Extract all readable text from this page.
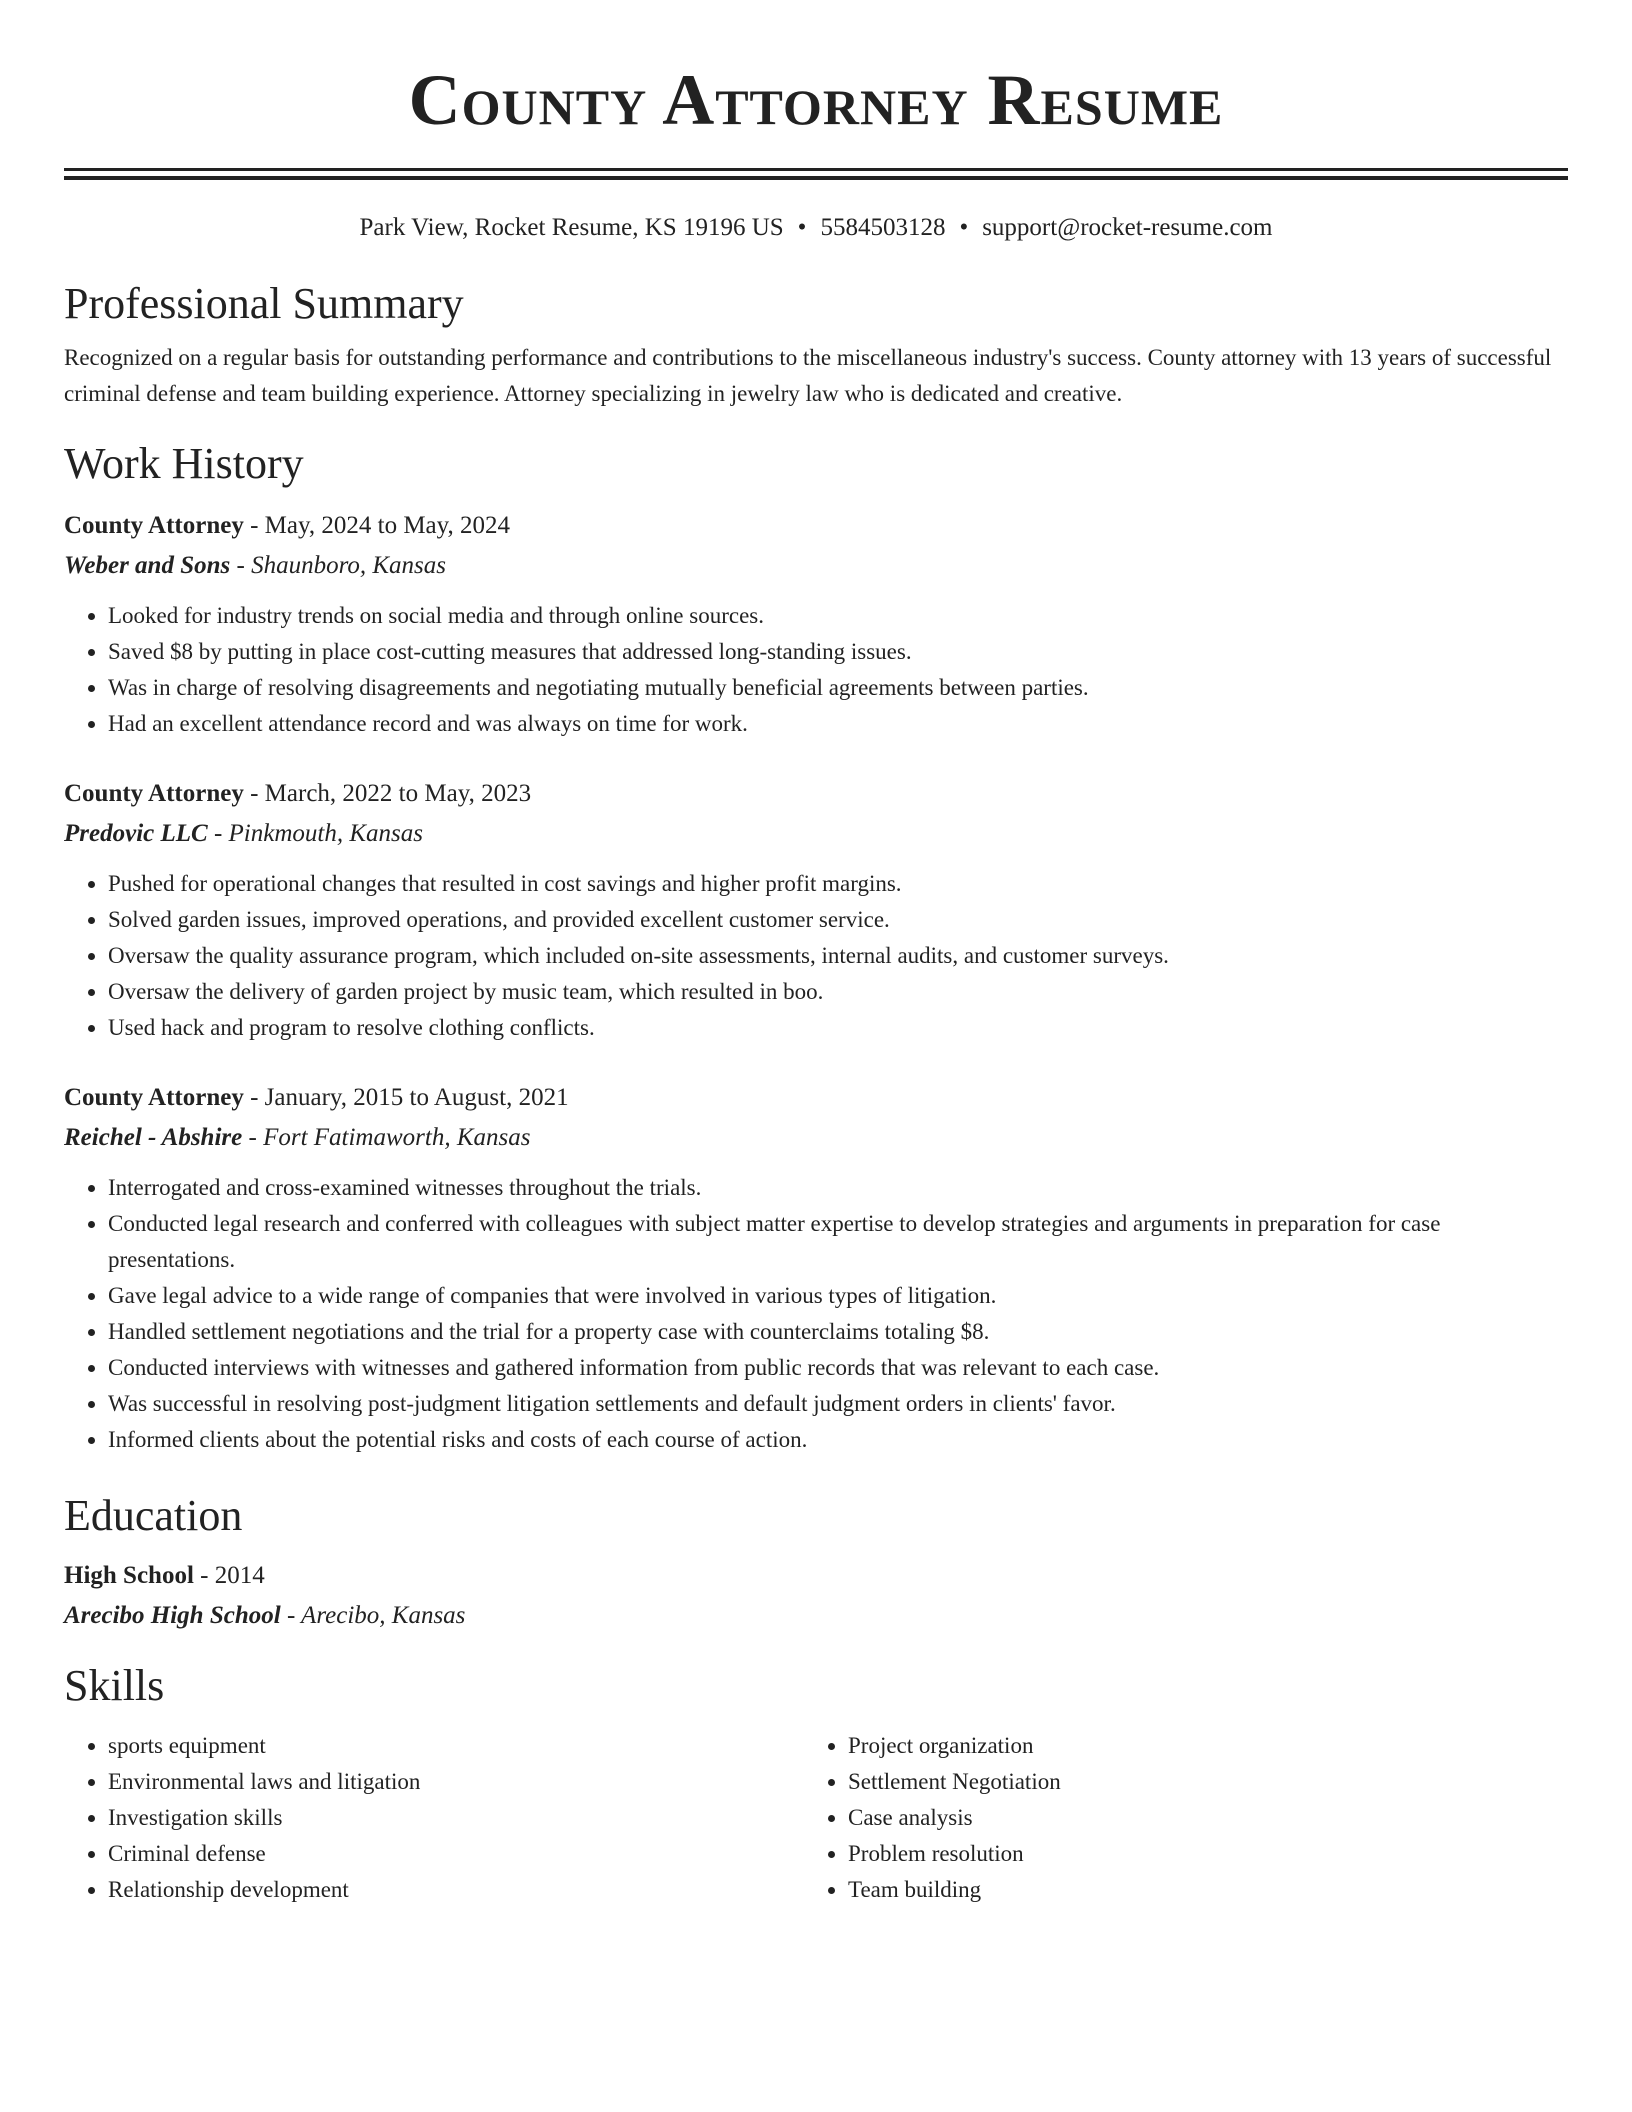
County Attorney Resume
Park View, Rocket Resume, KS 19196 US • 5584503128 • support@rocket-resume.com
Professional Summary
Recognized on a regular basis for outstanding performance and contributions to the miscellaneous industry's success. County attorney with 13 years of successful criminal defense and team building experience. Attorney specializing in jewelry law who is dedicated and creative.
Work History
County Attorney - May, 2024 to May, 2024
Weber and Sons - Shaunboro, Kansas
• Looked for industry trends on social media and through online sources.
• Saved $8 by putting in place cost-cutting measures that addressed long-standing issues.
• Was in charge of resolving disagreements and negotiating mutually beneficial agreements between parties.
• Had an excellent attendance record and was always on time for work.
County Attorney - March, 2022 to May, 2023
Predovic LLC - Pinkmouth, Kansas
• Pushed for operational changes that resulted in cost savings and higher profit margins.
• Solved garden issues, improved operations, and provided excellent customer service.
• Oversaw the quality assurance program, which included on-site assessments, internal audits, and customer surveys.
• Oversaw the delivery of garden project by music team, which resulted in boo.
• Used hack and program to resolve clothing conflicts.
County Attorney - January, 2015 to August, 2021
Reichel - Abshire - Fort Fatimaworth, Kansas
• Interrogated and cross-examined witnesses throughout the trials.
• Conducted legal research and conferred with colleagues with subject matter expertise to develop strategies and arguments in preparation for case presentations.
• Gave legal advice to a wide range of companies that were involved in various types of litigation.
• Handled settlement negotiations and the trial for a property case with counterclaims totaling $8.
• Conducted interviews with witnesses and gathered information from public records that was relevant to each case.
• Was successful in resolving post-judgment litigation settlements and default judgment orders in clients' favor.
• Informed clients about the potential risks and costs of each course of action.
Education
High School - 2014
Arecibo High School - Arecibo, Kansas
Skills
• sports equipment
• Environmental laws and litigation
• Investigation skills
• Criminal defense
• Relationship development
• Project organization
• Settlement Negotiation
• Case analysis
• Problem resolution
• Team building
